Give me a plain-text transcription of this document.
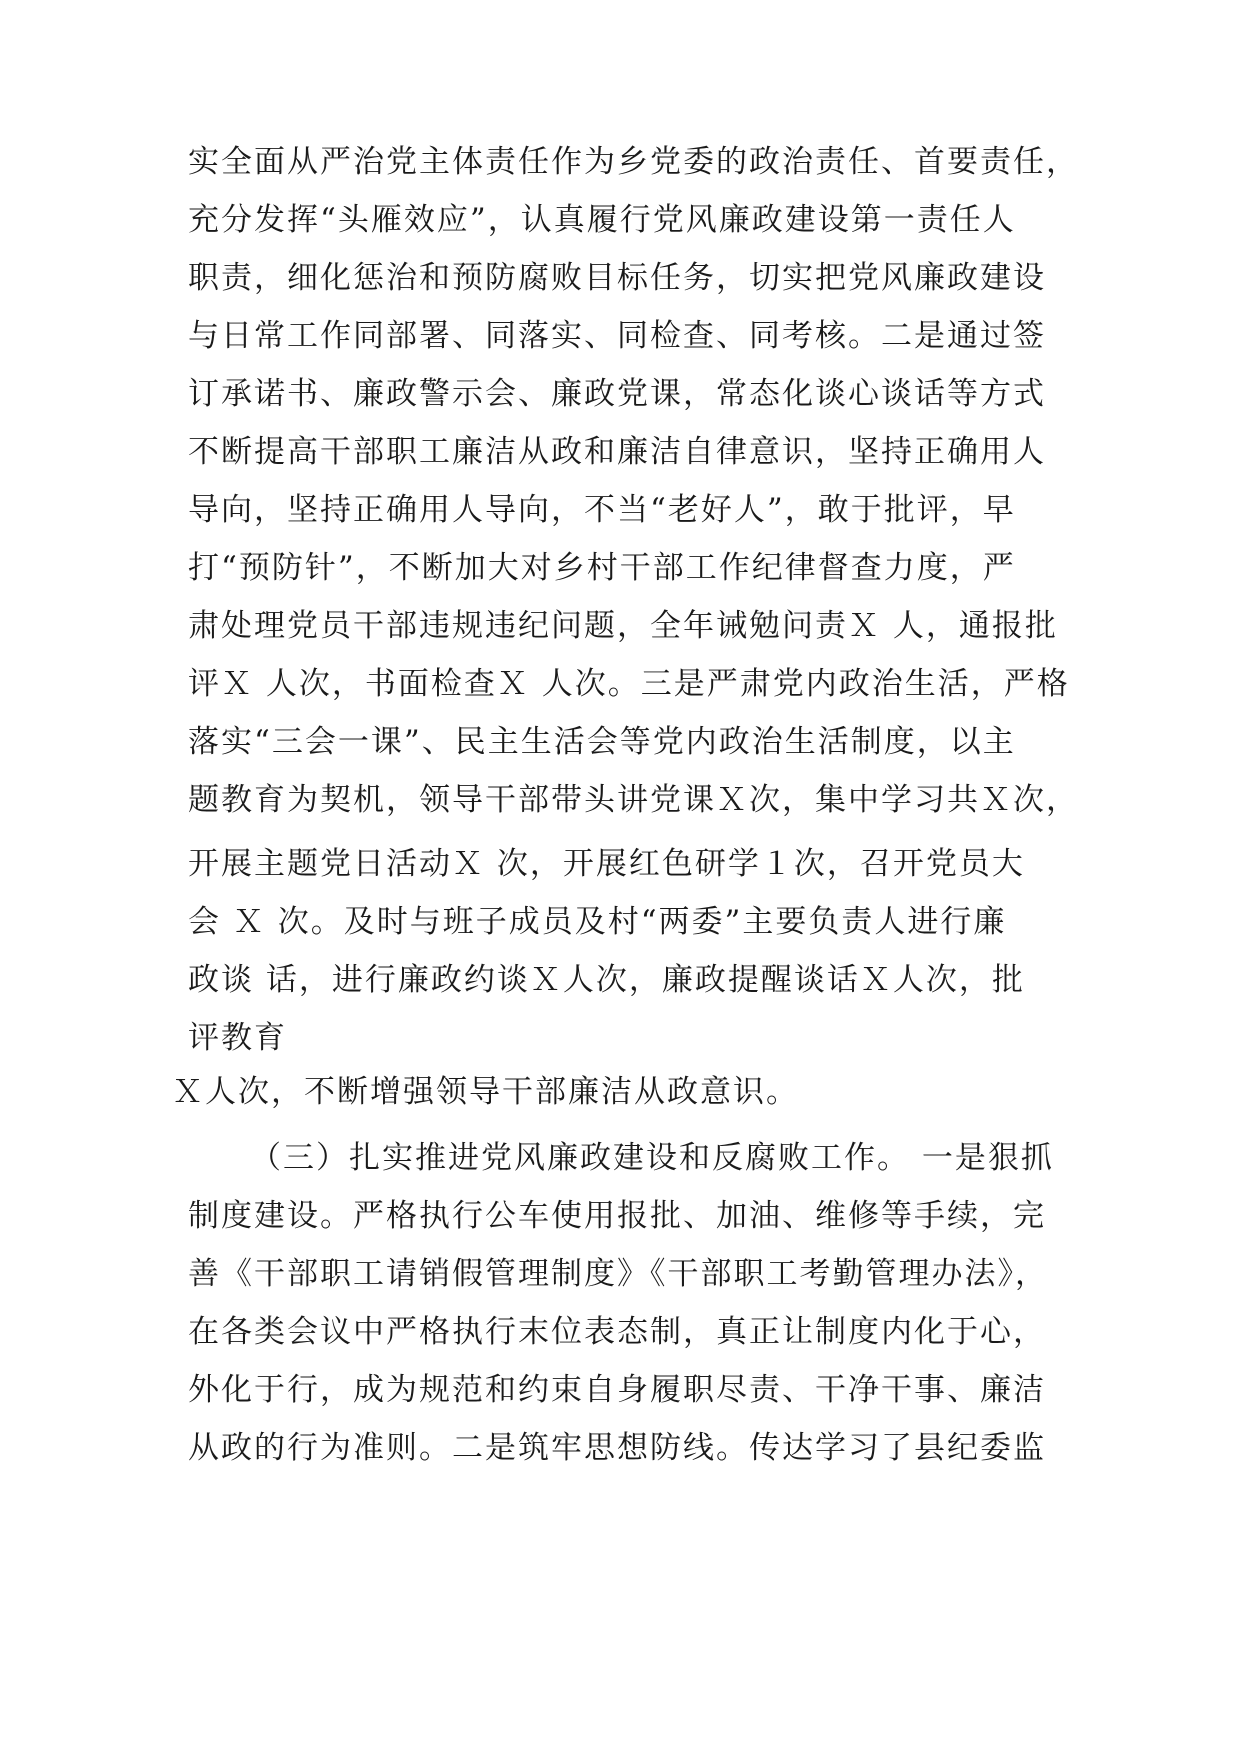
实全面从严治党主体责任作为乡党委的政治责任、首要责任，
充分发挥“头雁效应”，认真履行党风廉政建设第一责任人
职责，细化惩治和预防腐败目标任务，切实把党风廉政建设
与日常工作同部署、同落实、同检查、同考核。二是通过签
订承诺书、廉政警示会、廉政党课，常态化谈心谈话等方式
不断提高干部职工廉洁从政和廉洁自律意识，坚持正确用人
导向，坚持正确用人导向，不当“老好人”，敢于批评，早
打“预防针”，不断加大对乡村干部工作纪律督查力度，严
肃处理党员干部违规违纪问题，全年诫勉问责Ｘ 人，通报批
评Ｘ 人次，书面检查Ｘ 人次。三是严肃党内政治生活，严格
落实“三会一课”、民主生活会等党内政治生活制度，以主
题教育为契机，领导干部带头讲党课Ｘ次，集中学习共Ｘ次，
开展主题党日活动Ｘ 次，开展红色研学１次，召开党员大
会 Ｘ 次。及时与班子成员及村“两委”主要负责人进行廉
政谈 话，进行廉政约谈Ｘ人次，廉政提醒谈话Ｘ人次，批
评教育
Ｘ人次，不断增强领导干部廉洁从政意识。
（三）扎实推进党风廉政建设和反腐败工作。 一是狠抓
制度建设。严格执行公车使用报批、加油、维修等手续，完
善《干部职工请销假管理制度》《干部职工考勤管理办法》，
在各类会议中严格执行末位表态制，真正让制度内化于心，
外化于行，成为规范和约束自身履职尽责、干净干事、廉洁
从政的行为准则。二是筑牢思想防线。传达学习了县纪委监
